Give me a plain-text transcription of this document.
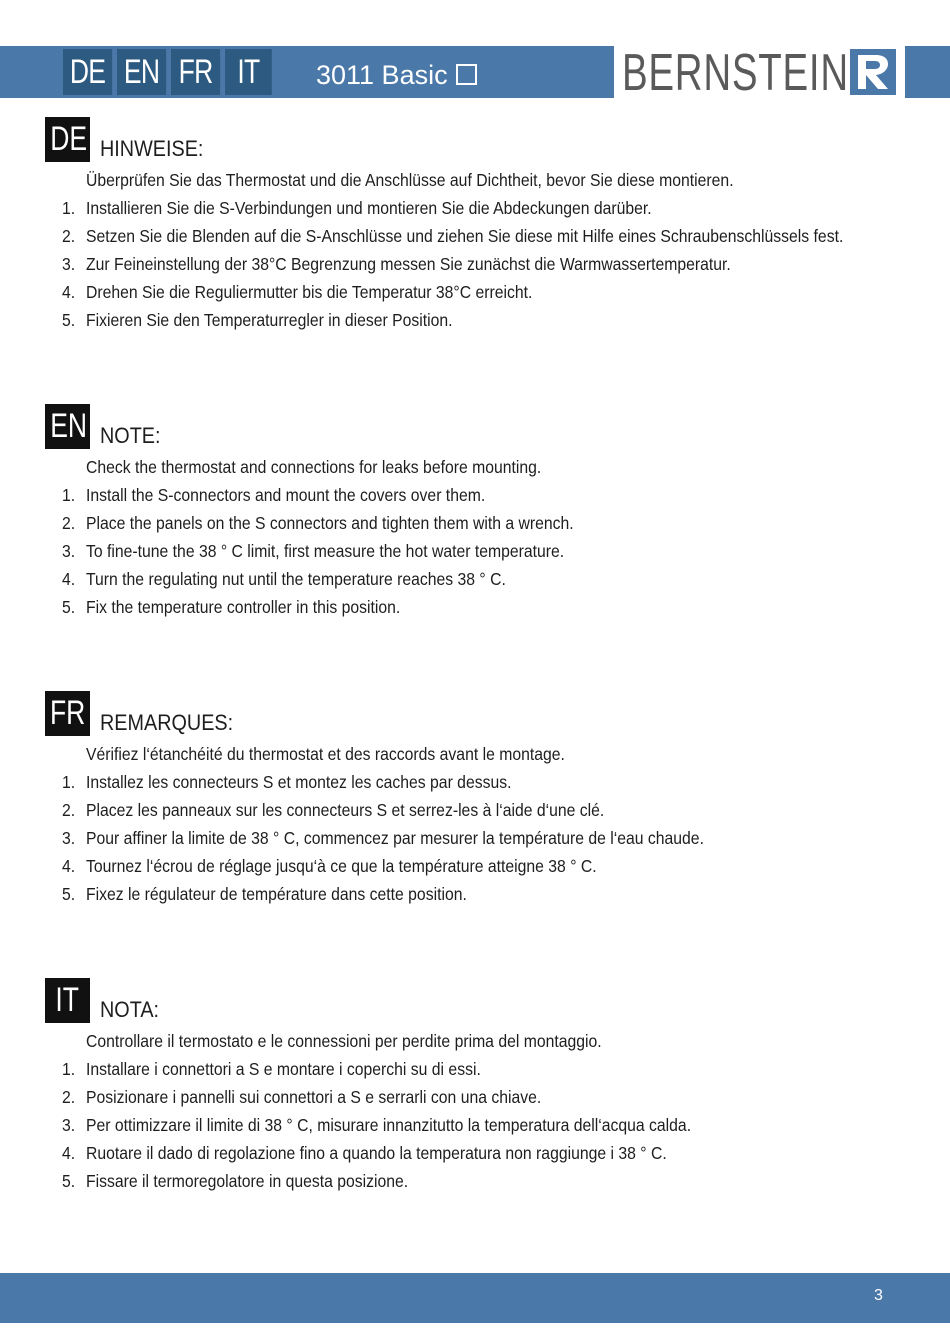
DE EN FR IT	3011 Basic	BERNSTEIN
DE HINWEISE:
Überprüfen Sie das Thermostat und die Anschlüsse auf Dichtheit, bevor Sie diese montieren.
1. Installieren Sie die S-Verbindungen und montieren Sie die Abdeckungen darüber.
2. Setzen Sie die Blenden auf die S-Anschlüsse und ziehen Sie diese mit Hilfe eines Schraubenschlüssels fest.
3. Zur Feineinstellung der 38°C Begrenzung messen Sie zunächst die Warmwassertemperatur.
4. Drehen Sie die Reguliermutter bis die Temperatur 38°C erreicht.
5. Fixieren Sie den Temperaturregler in dieser Position.
EN NOTE:
Check the thermostat and connections for leaks before mounting.
1. Install the S-connectors and mount the covers over them.
2. Place the panels on the S connectors and tighten them with a wrench.
3. To fine-tune the 38 ° C limit, first measure the hot water temperature.
4. Turn the regulating nut until the temperature reaches 38 ° C.
5. Fix the temperature controller in this position.
FR REMARQUES:
Vérifiez l‘étanchéité du thermostat et des raccords avant le montage.
1. Installez les connecteurs S et montez les caches par dessus.
2. Placez les panneaux sur les connecteurs S et serrez-les à l‘aide d‘une clé.
3. Pour affiner la limite de 38 ° C, commencez par mesurer la température de l‘eau chaude.
4. Tournez l‘écrou de réglage jusqu‘à ce que la température atteigne 38 ° C.
5. Fixez le régulateur de température dans cette position.
IT NOTA:
Controllare il termostato e le connessioni per perdite prima del montaggio.
1. Installare i connettori a S e montare i coperchi su di essi.
2. Posizionare i pannelli sui connettori a S e serrarli con una chiave.
3. Per ottimizzare il limite di 38 ° C, misurare innanzitutto la temperatura dell‘acqua calda.
4. Ruotare il dado di regolazione fino a quando la temperatura non raggiunge i 38 ° C.
5. Fissare il termoregolatore in questa posizione.
3
